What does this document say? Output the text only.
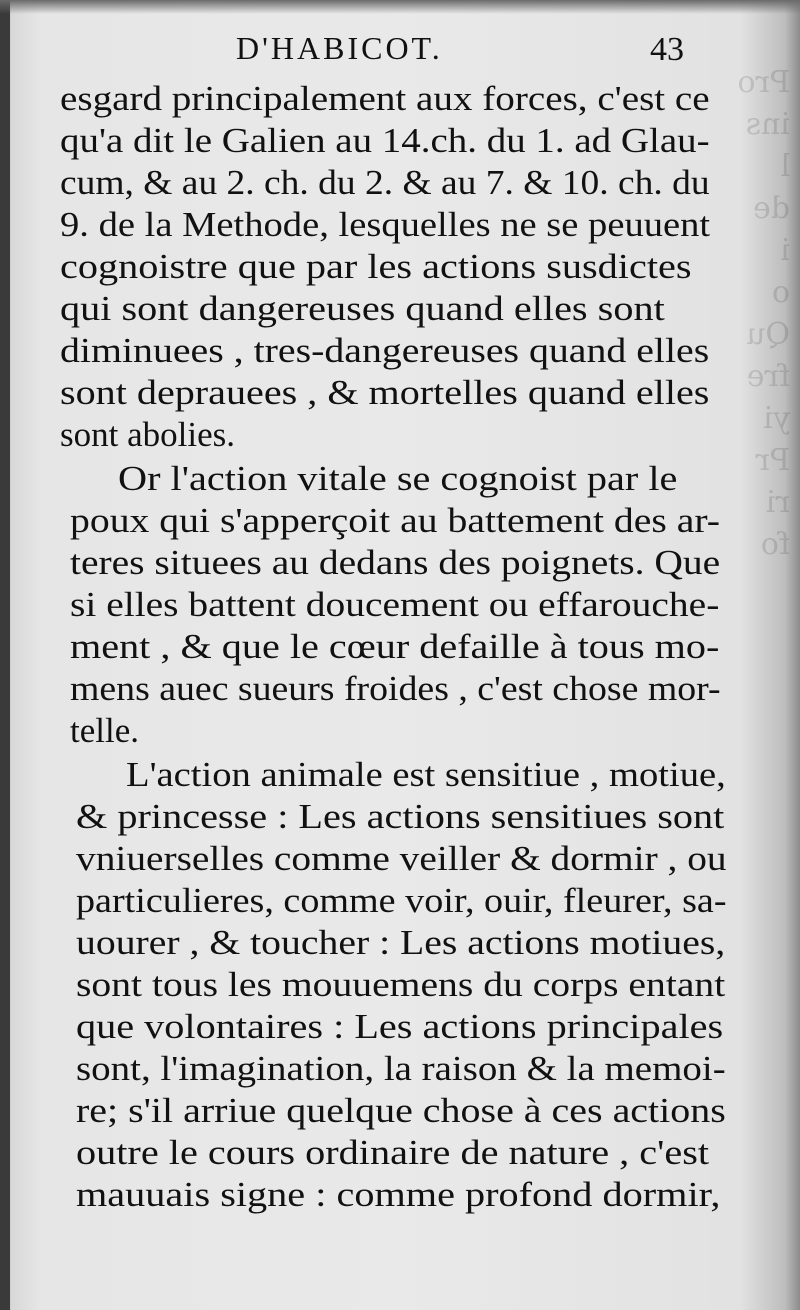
Pro
ins
l
de
i
o
Qu
fre
yi
Pr
ri
fo

D'HABICOT.	43
esgard principalement aux forces, c'est ce
qu'a dit le Galien au 14.ch. du 1. ad Glau-
cum, & au 2. ch. du 2. & au 7. & 10. ch. du
9. de la Methode, lesquelles ne se peuuent
cognoistre que par les actions susdictes
qui sont dangereuses quand elles sont
diminuees , tres-dangereuses quand elles
sont deprauees , & mortelles quand elles
sont abolies.
Or l'action vitale se cognoist par le
poux qui s'apperçoit au battement des ar-
teres situees au dedans des poignets. Que
si elles battent doucement ou effarouche-
ment , & que le cœur defaille à tous mo-
mens auec sueurs froides , c'est chose mor-
telle.
L'action animale est sensitiue , motiue,
& princesse : Les actions sensitiues sont
vniuerselles comme veiller & dormir , ou
particulieres, comme voir, ouir, fleurer, sa-
uourer , & toucher : Les actions motiues,
sont tous les mouuemens du corps entant
que volontaires : Les actions principales
sont, l'imagination, la raison & la memoi-
re; s'il arriue quelque chose à ces actions
outre le cours ordinaire de nature , c'est
mauuais signe : comme profond dormir,
